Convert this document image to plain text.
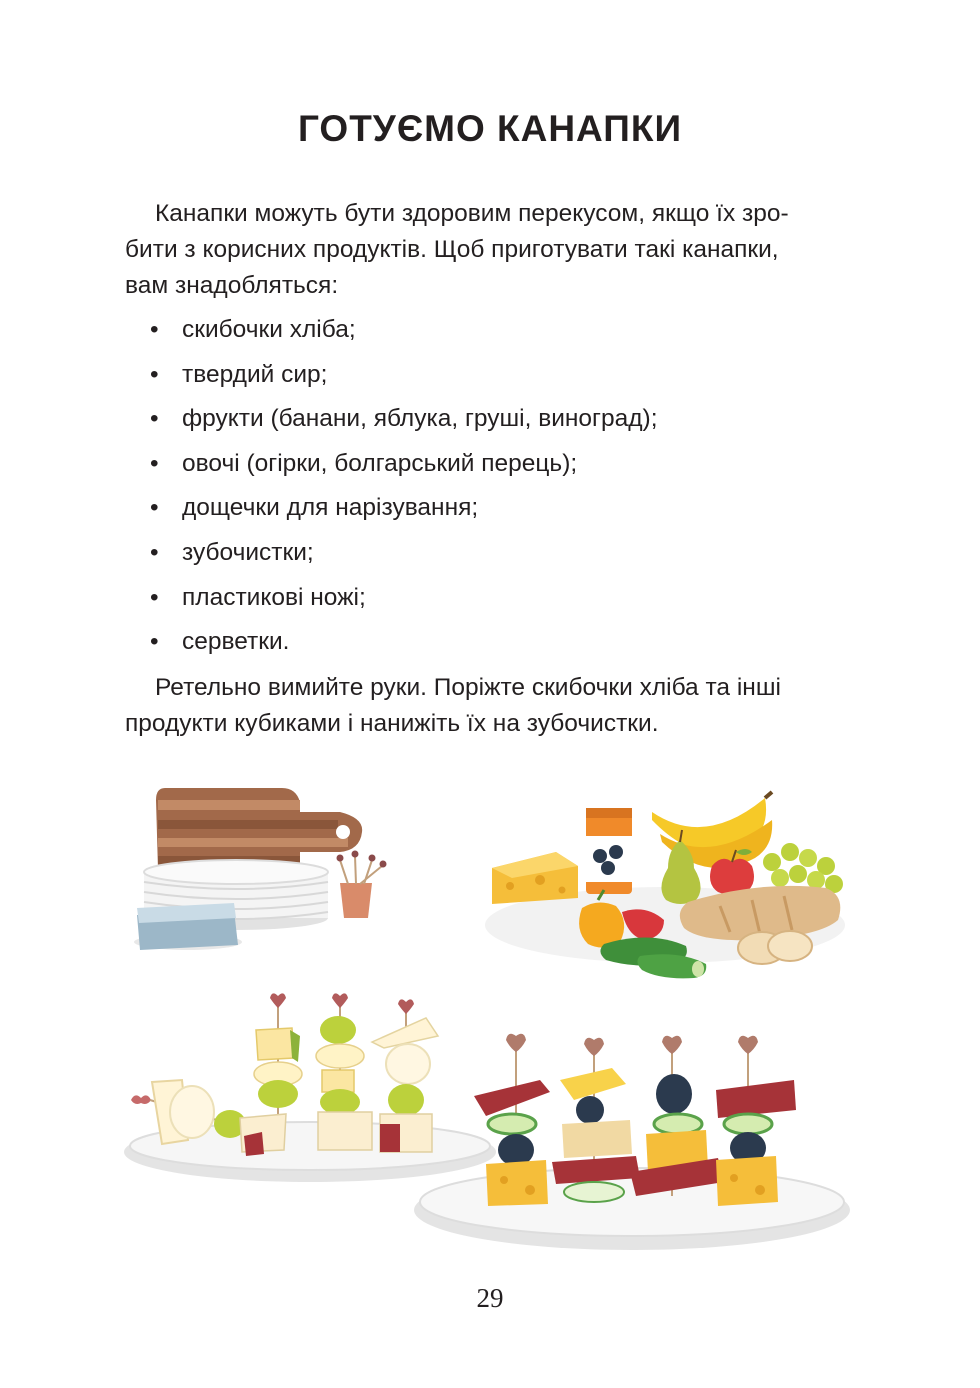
ГОТУЄМО КАНАПКИ

Канапки можуть бути здоровим перекусом, якщо їх зро-
бити з корисних продуктів. Щоб приготувати такі канапки,
вам знадобляться:

• скибочки хліба;
• твердий сир;
• фрукти (банани, яблука, груші, виноград);
• овочі (огірки, болгарський перець);
• дощечки для нарізування;
• зубочистки;
• пластикові ножі;
• серветки.

Ретельно вимийте руки. Поріжте скибочки хліба та інші
продукти кубиками і нанижіть їх на зубочистки.

29
